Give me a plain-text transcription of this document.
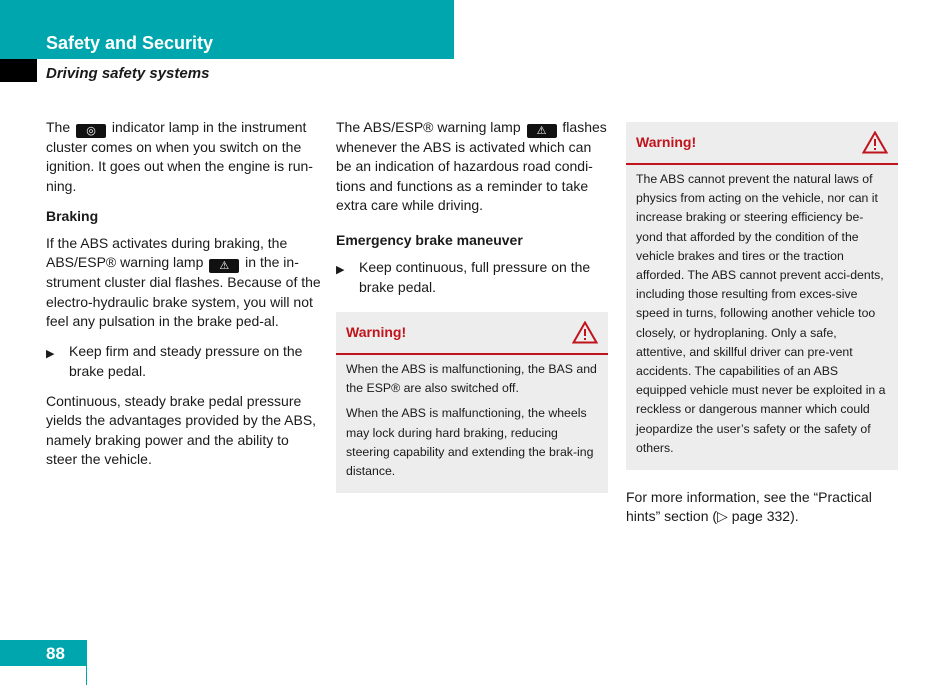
Safety and Security
Driving safety systems

The ◎ indicator lamp in the instrument cluster comes on when you switch on the ignition. It goes out when the engine is run-ning.

Braking

If the ABS activates during braking, the ABS/ESP® warning lamp ⚠ in the in-strument cluster dial flashes. Because of the electro-hydraulic brake system, you will not feel any pulsation in the brake ped-al.

▶ Keep firm and steady pressure on the brake pedal.

Continuous, steady brake pedal pressure yields the advantages provided by the ABS, namely braking power and the ability to steer the vehicle.

The ABS/ESP® warning lamp ⚠ flashes whenever the ABS is activated which can be an indication of hazardous road condi-tions and functions as a reminder to take extra care while driving.

Emergency brake maneuver

▶ Keep continuous, full pressure on the brake pedal.

Warning!

When the ABS is malfunctioning, the BAS and the ESP® are also switched off.

When the ABS is malfunctioning, the wheels may lock during hard braking, reducing steering capability and extending the brak-ing distance.

Warning!

The ABS cannot prevent the natural laws of physics from acting on the vehicle, nor can it increase braking or steering efficiency be-yond that afforded by the condition of the vehicle brakes and tires or the traction afforded. The ABS cannot prevent acci-dents, including those resulting from exces-sive speed in turns, following another vehicle too closely, or hydroplaning. Only a safe, attentive, and skillful driver can pre-vent accidents. The capabilities of an ABS equipped vehicle must never be exploited in a reckless or dangerous manner which could jeopardize the user’s safety or the safety of others.

For more information, see the “Practical hints” section (▷ page 332).

88
